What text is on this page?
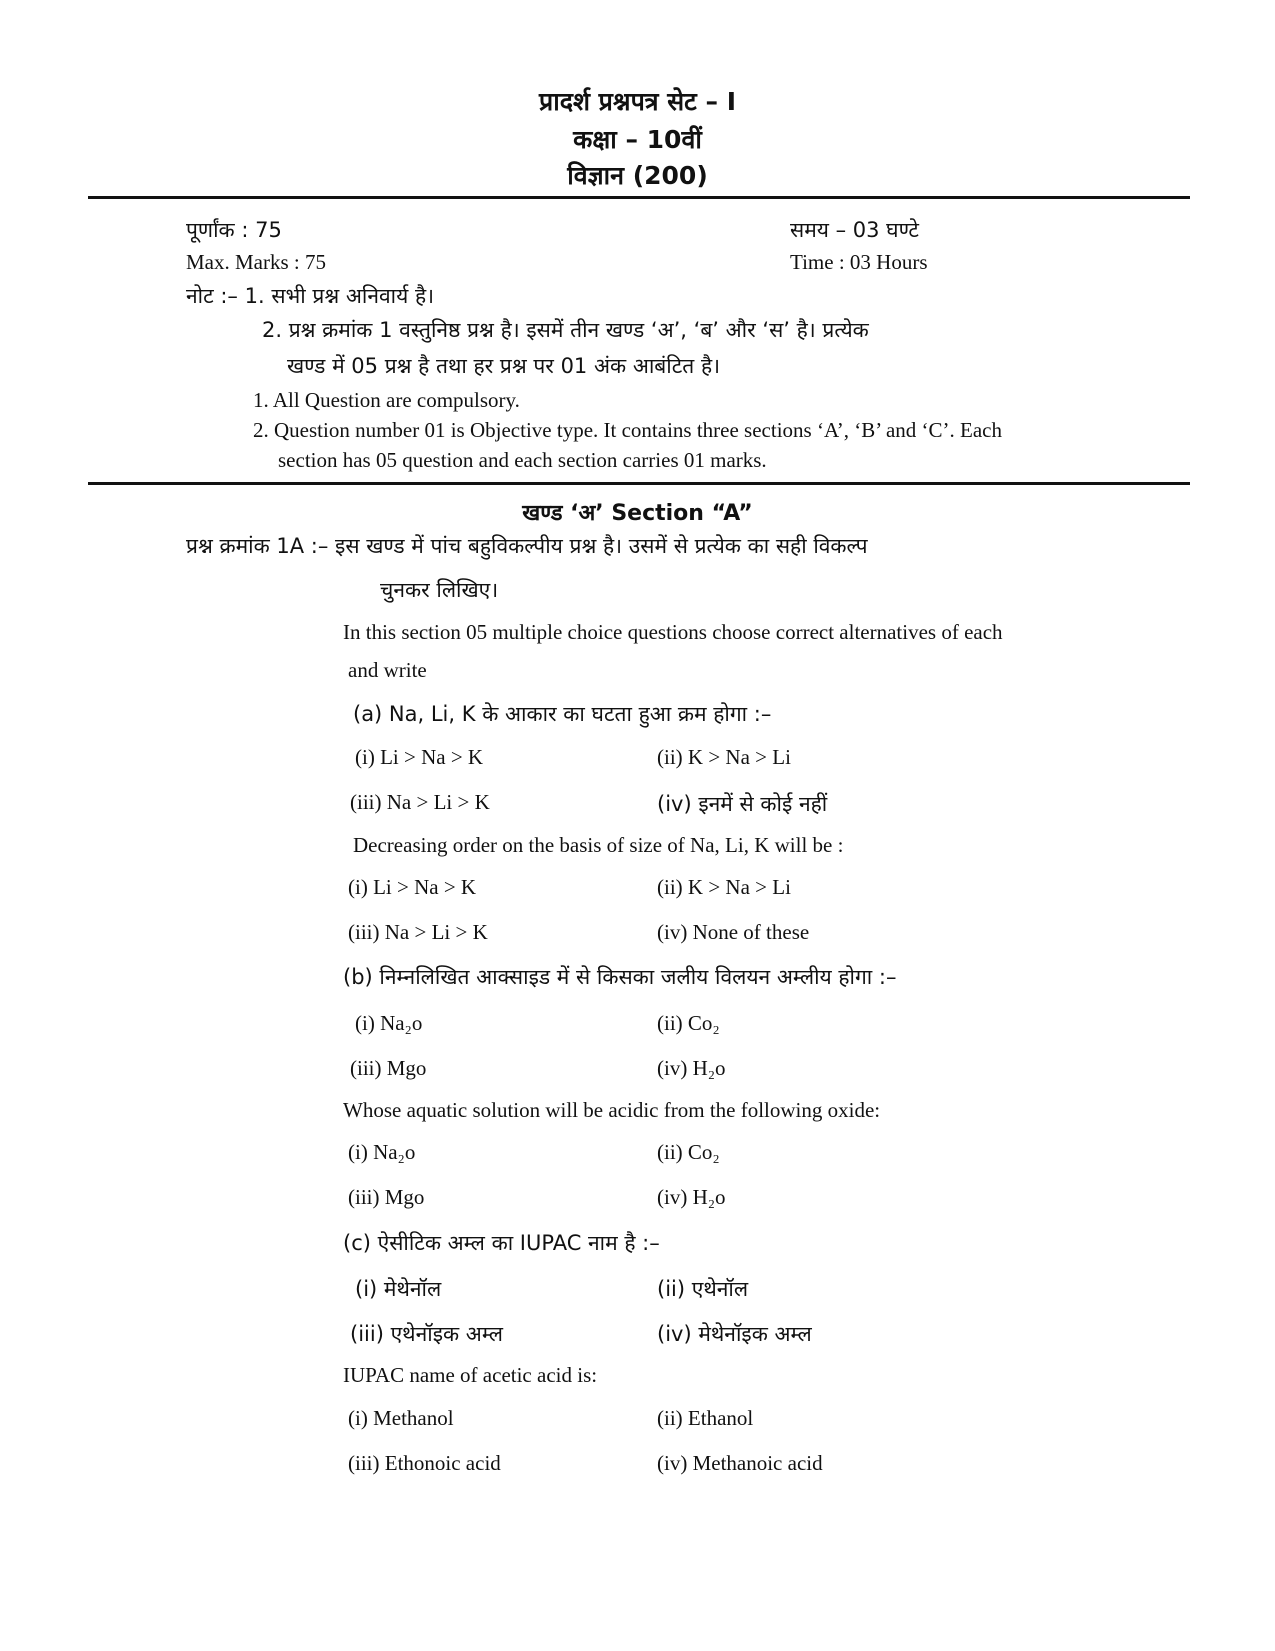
प्रादर्श प्रश्नपत्र सेट – I
कक्षा – 10वीं
विज्ञान (200)
पूर्णांक : 75	समय – 03 घण्टे
Max. Marks : 75	Time : 03 Hours
नोट :– 1. सभी प्रश्न अनिवार्य है।
2. प्रश्न क्रमांक 1 वस्तुनिष्ठ प्रश्न है। इसमें तीन खण्ड ‘अ’, ‘ब’ और ‘स’ है। प्रत्येक
खण्ड में 05 प्रश्न है तथा हर प्रश्न पर 01 अंक आबंटित है।
1. All Question are compulsory.
2. Question number 01 is Objective type. It contains three sections ‘A’, ‘B’ and ‘C’. Each
section has 05 question and each section carries 01 marks.
खण्ड ‘अ’ Section “A”
प्रश्न क्रमांक 1A :– इस खण्ड में पांच बहुविकल्पीय प्रश्न है। उसमें से प्रत्येक का सही विकल्प
चुनकर लिखिए।
In this section 05 multiple choice questions choose correct alternatives of each
and write
(a) Na, Li, K के आकार का घटता हुआ क्रम होगा :–
(i) Li > Na > K	(ii) K > Na > Li
(iii) Na > Li > K	(iv) इनमें से कोई नहीं
Decreasing order on the basis of size of Na, Li, K will be :
(i) Li > Na > K	(ii) K > Na > Li
(iii) Na > Li > K	(iv) None of these
(b) निम्नलिखित आक्साइड में से किसका जलीय विलयन अम्लीय होगा :–
(i) Na₂o	(ii) Co₂
(iii) Mgo	(iv) H₂o
Whose aquatic solution will be acidic from the following oxide:
(i) Na₂o	(ii) Co₂
(iii) Mgo	(iv) H₂o
(c) ऐसीटिक अम्ल का IUPAC नाम है :–
(i) मेथेनॉल	(ii) एथेनॉल
(iii) एथेनॉइक अम्ल	(iv) मेथेनॉइक अम्ल
IUPAC name of acetic acid is:
(i) Methanol	(ii) Ethanol
(iii) Ethonoic acid	(iv) Methanoic acid
